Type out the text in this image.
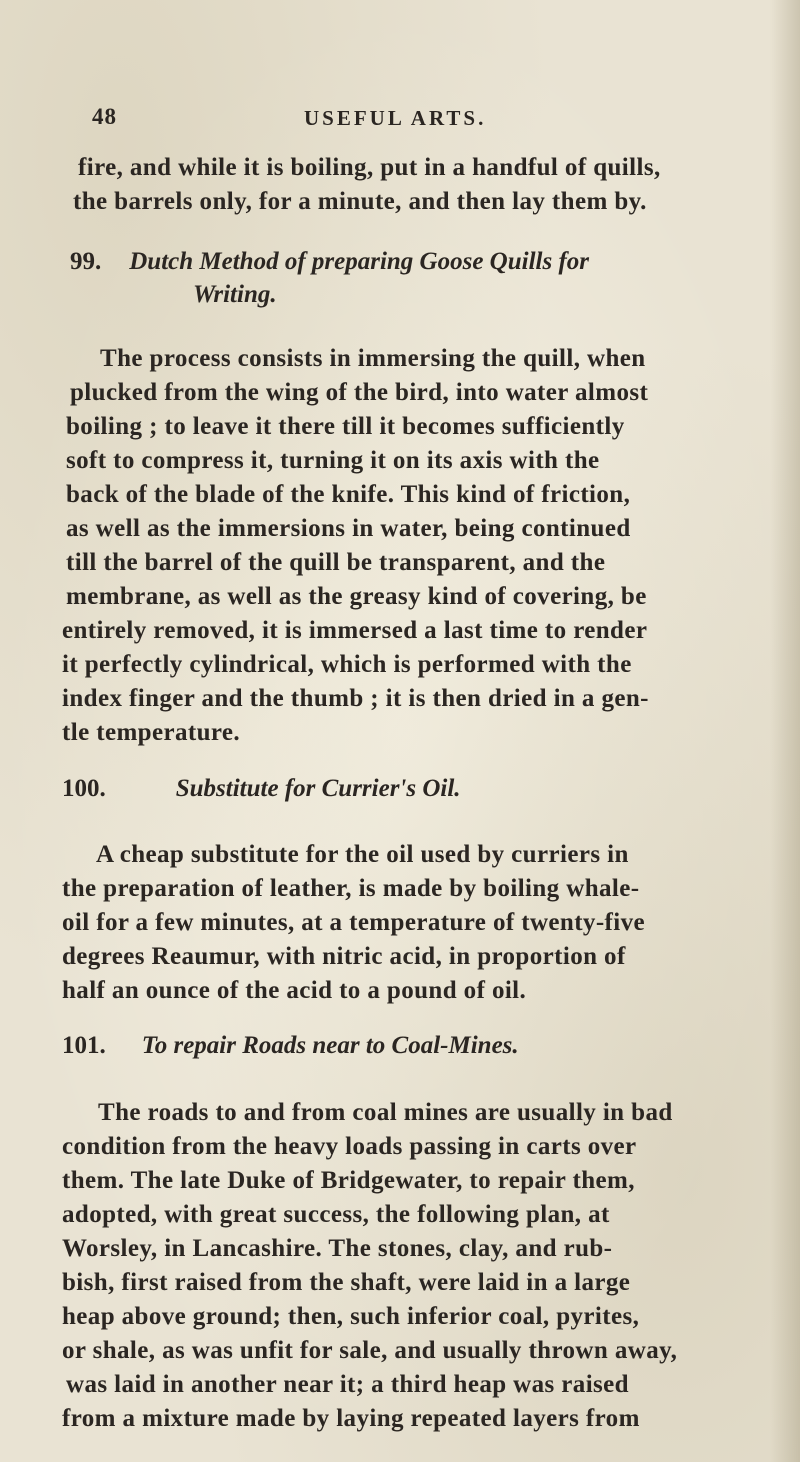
48	USEFUL ARTS.
fire, and while it is boiling, put in a handful of quills,
the barrels only, for a minute, and then lay them by.
99. Dutch Method of preparing Goose Quills for
Writing.
The process consists in immersing the quill, when
plucked from the wing of the bird, into water almost
boiling ; to leave it there till it becomes sufficiently
soft to compress it, turning it on its axis with the
back of the blade of the knife. This kind of friction,
as well as the immersions in water, being continued
till the barrel of the quill be transparent, and the
membrane, as well as the greasy kind of covering, be
entirely removed, it is immersed a last time to render
it perfectly cylindrical, which is performed with the
index finger and the thumb ; it is then dried in a gen-
tle temperature.
100.	Substitute for Currier's Oil.
A cheap substitute for the oil used by curriers in
the preparation of leather, is made by boiling whale-
oil for a few minutes, at a temperature of twenty-five
degrees Reaumur, with nitric acid, in proportion of
half an ounce of the acid to a pound of oil.
101. To repair Roads near to Coal-Mines.
The roads to and from coal mines are usually in bad
condition from the heavy loads passing in carts over
them. The late Duke of Bridgewater, to repair them,
adopted, with great success, the following plan, at
Worsley, in Lancashire. The stones, clay, and rub-
bish, first raised from the shaft, were laid in a large
heap above ground; then, such inferior coal, pyrites,
or shale, as was unfit for sale, and usually thrown away,
was laid in another near it; a third heap was raised
from a mixture made by laying repeated layers from
